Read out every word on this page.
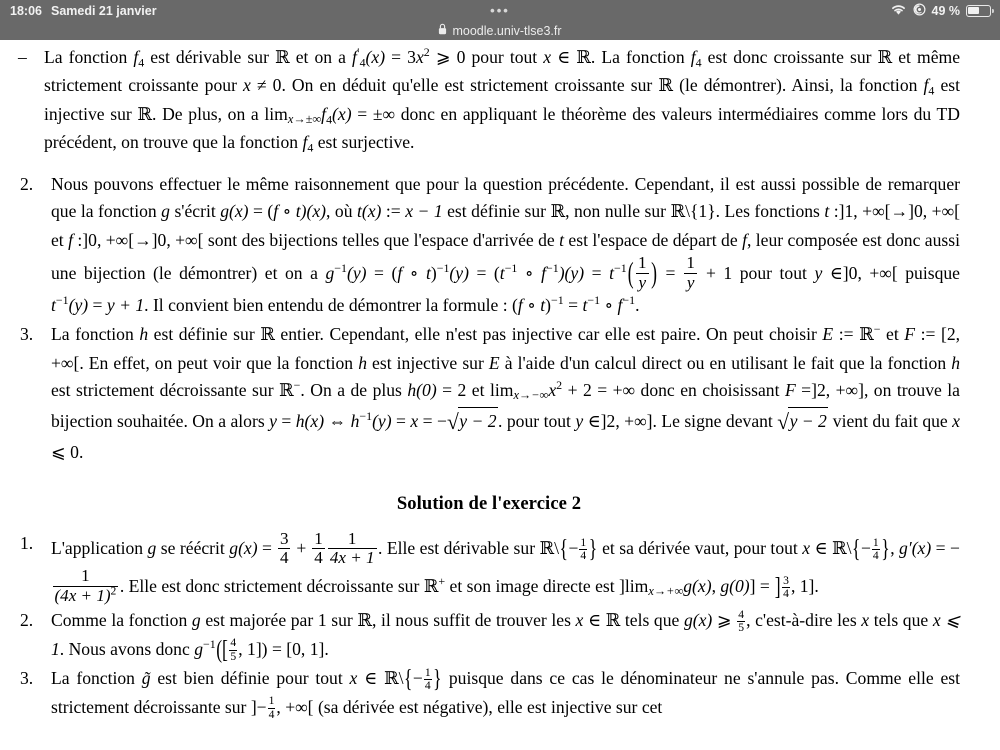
18:06 Samedi 21 janvier	•••	49 %
moodle.univ-tlse3.fr
– La fonction $f_4$ est dérivable sur ℝ et on a $f'_4(x) = 3x^2$ ⩾ 0 pour tout x ∈ ℝ. La fonction $f_4$ est donc croissante sur ℝ et même strictement croissante pour x ≠ 0. On en déduit qu'elle est strictement croissante sur ℝ (le démontrer). Ainsi, la fonction $f_4$ est injective sur ℝ. De plus, on a $\lim x\to\pm\infty f_4(x)$ = ±∞ donc en appliquant le théorème des valeurs intermédiaires comme lors du TD précédent, on trouve que la fonction $f_4$ est surjective.
2.	Nous pouvons effectuer le même raisonnement que pour la question précédente. Cependant, il est aussi possible de remarquer que la fonction g s'écrit g(x) = (f ∘ t)(x), où t(x) := x − 1 est définie sur ℝ, non nulle sur ℝ\{1}. Les fonctions t :]1, +∞[→]0, +∞[ et f :]0, +∞[→]0, +∞[ sont des bijections telles que l'espace d'arrivée de t est l'espace de départ de f, leur composée est donc aussi une bijection (le démontrer) et on a $g^{-1}(y) = (f$ ∘ $t)^{-1}(y) = (t^{-1}$ ∘ $f^{-1})(y) = t^{-1}( \frac{1}{y}$ ) = $\frac{1}{y} + 1$ pour tout y ∈]0, +∞[ puisque $t^{-1}(y) = y + 1$. Il convient bien entendu de démontrer la formule : (f ∘ $t)^{-1} = t^{-1}$ ∘ $f^{-1}$.
3.	La fonction h est définie sur ℝ entier. Cependant, elle n'est pas injective car elle est paire. On peut choisir E := ℝ− et F := [2, +∞[. En effet, on peut voir que la fonction h est injective sur E à l'aide d'un calcul direct ou en utilisant le fait que la fonction h est strictement décroissante sur ℝ−. On a de plus h(0) = 2 et $\lim x\to-\infty x^2 + 2$ = +∞ donc en choisissant F =]2, +∞], on trouve la bijection souhaitée. On a alors y = h(x) ⇔ $h^{-1}(y) = x = -√y - 2$. pour tout y ∈]2, +∞]. Le signe devant √y − 2 vient du fait que x ⩽ 0.
Solution de l'exercice 2
1.	L'application g se réécrit $g(x) = \frac{3}{4} + \frac{1}{4} \frac{1}{4x + 1}$ . Elle est dérivable sur ℝ\{− $\frac{1}{4}$ } et sa dérivée vaut, pour tout x ∈ ℝ\{− $\frac{1}{4}$ }, g′(x) = −
$\frac{1}{(4x + 1)^2}$ . Elle est donc strictement décroissante sur ℝ+ et son image directe est ]limx→+∞g(x), g(0)] = ] $\frac{3}{4}$ , 1].
2.	Comme la fonction g est majorée par 1 sur ℝ, il nous suffit de trouver les x ∈ ℝ tels que g(x) ⩾ $\frac{4}{5}$ , c'est-à-dire les x tels que x ⩽ 1. Nous avons donc $g^{-1}([ \frac{4}{5}$ , 1]) = [0, 1].
3.	La fonction g̃ est bien définie pour tout x ∈ ℝ\{− $\frac{1}{4}$ } puisque dans ce cas le dénominateur ne s'annule pas. Comme elle est strictement décroissante sur ]− $\frac{1}{4}$ , +∞[ (sa dérivée est négative), elle est injective sur cet
